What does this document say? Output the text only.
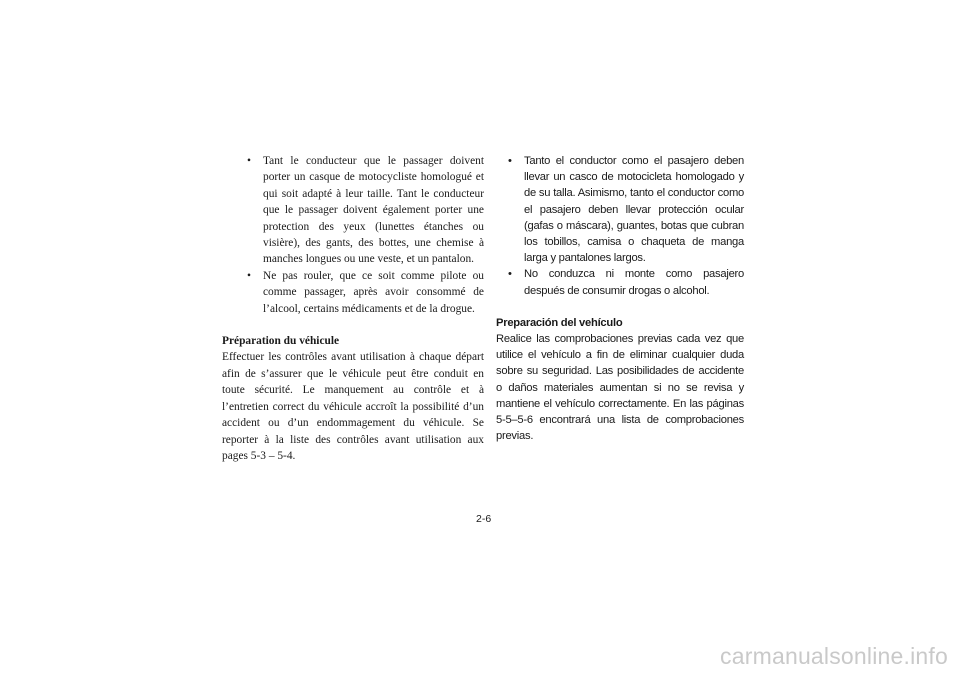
• Tant le conducteur que le passager doivent porter un casque de motocycliste homologué et qui soit adapté à leur taille. Tant le conducteur que le passager doivent également porter une protection des yeux (lunettes étanches ou visière), des gants, des bottes, une chemise à manches longues ou une veste, et un pantalon.
• Ne pas rouler, que ce soit comme pilote ou comme passager, après avoir consommé de l’alcool, certains médicaments et de la drogue.
Préparation du véhicule

Effectuer les contrôles avant utilisation à chaque départ afin de s’assurer que le véhicule peut être conduit en toute sécurité. Le manquement au contrôle et à l’entretien correct du véhicule accroît la possibilité d’un accident ou d’un endommagement du véhicule. Se reporter à la liste des contrôles avant utilisation aux pages 5-3 – 5-4.

• Tanto el conductor como el pasajero deben llevar un casco de motocicleta homologado y de su talla. Asimismo, tanto el conductor como el pasajero deben llevar protección ocular (gafas o máscara), guantes, botas que cubran los tobillos, camisa o chaqueta de manga larga y pantalones largos.
• No conduzca ni monte como pasajero después de consumir drogas o alcohol.
Preparación del vehículo

Realice las comprobaciones previas cada vez que utilice el vehículo a fin de eliminar cualquier duda sobre su seguridad. Las posibilidades de accidente o daños materiales aumentan si no se revisa y mantiene el vehículo correctamente. En las páginas 5-5–5-6 encontrará una lista de comprobaciones previas.

2-6
carmanualsonline.info
